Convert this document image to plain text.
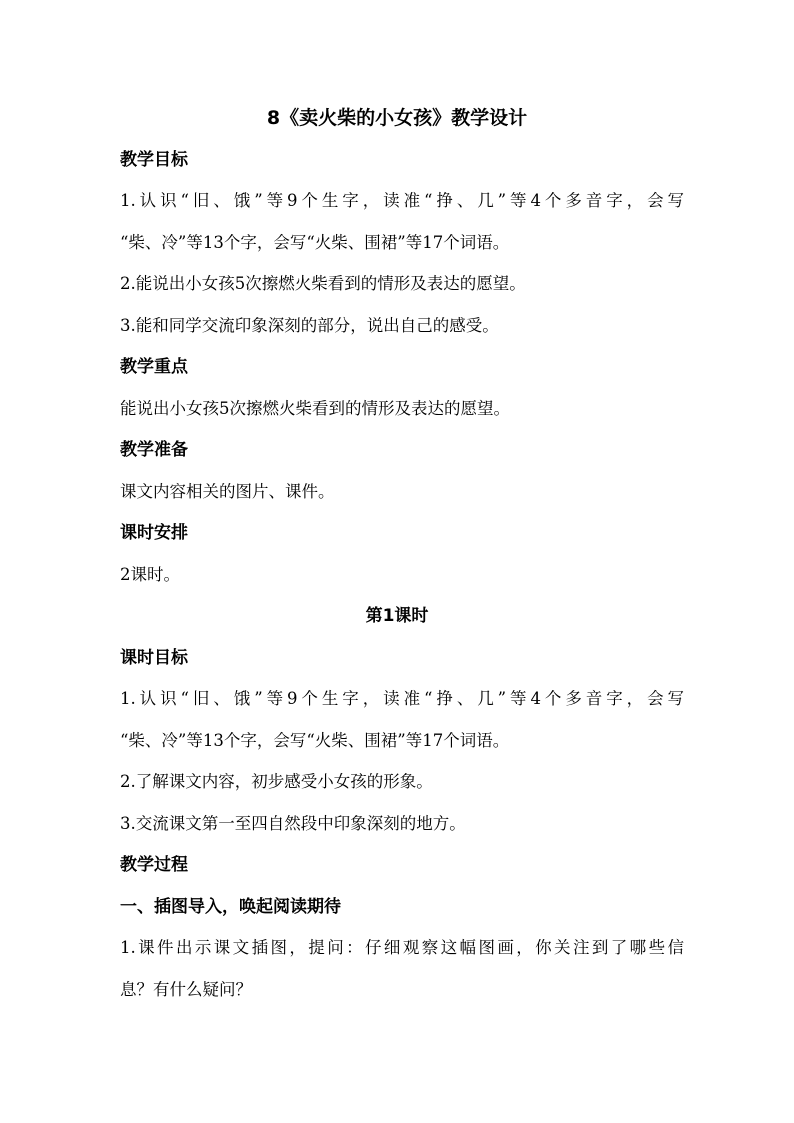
8《卖火柴的小女孩》教学设计
教学目标
1.认识“旧、饿”等9个生字，读准“挣、几”等4个多音字，会写
“柴、冷”等13个字，会写“火柴、围裙”等17个词语。
2.能说出小女孩5次擦燃火柴看到的情形及表达的愿望。
3.能和同学交流印象深刻的部分，说出自己的感受。
教学重点
能说出小女孩5次擦燃火柴看到的情形及表达的愿望。
教学准备
课文内容相关的图片、课件。
课时安排
2课时。
第1课时
课时目标
1.认识“旧、饿”等9个生字，读准“挣、几”等4个多音字，会写
“柴、冷”等13个字，会写“火柴、围裙”等17个词语。
2.了解课文内容，初步感受小女孩的形象。
3.交流课文第一至四自然段中印象深刻的地方。
教学过程
一、插图导入，唤起阅读期待
1.课件出示课文插图，提问：仔细观察这幅图画，你关注到了哪些信
息？有什么疑问？
